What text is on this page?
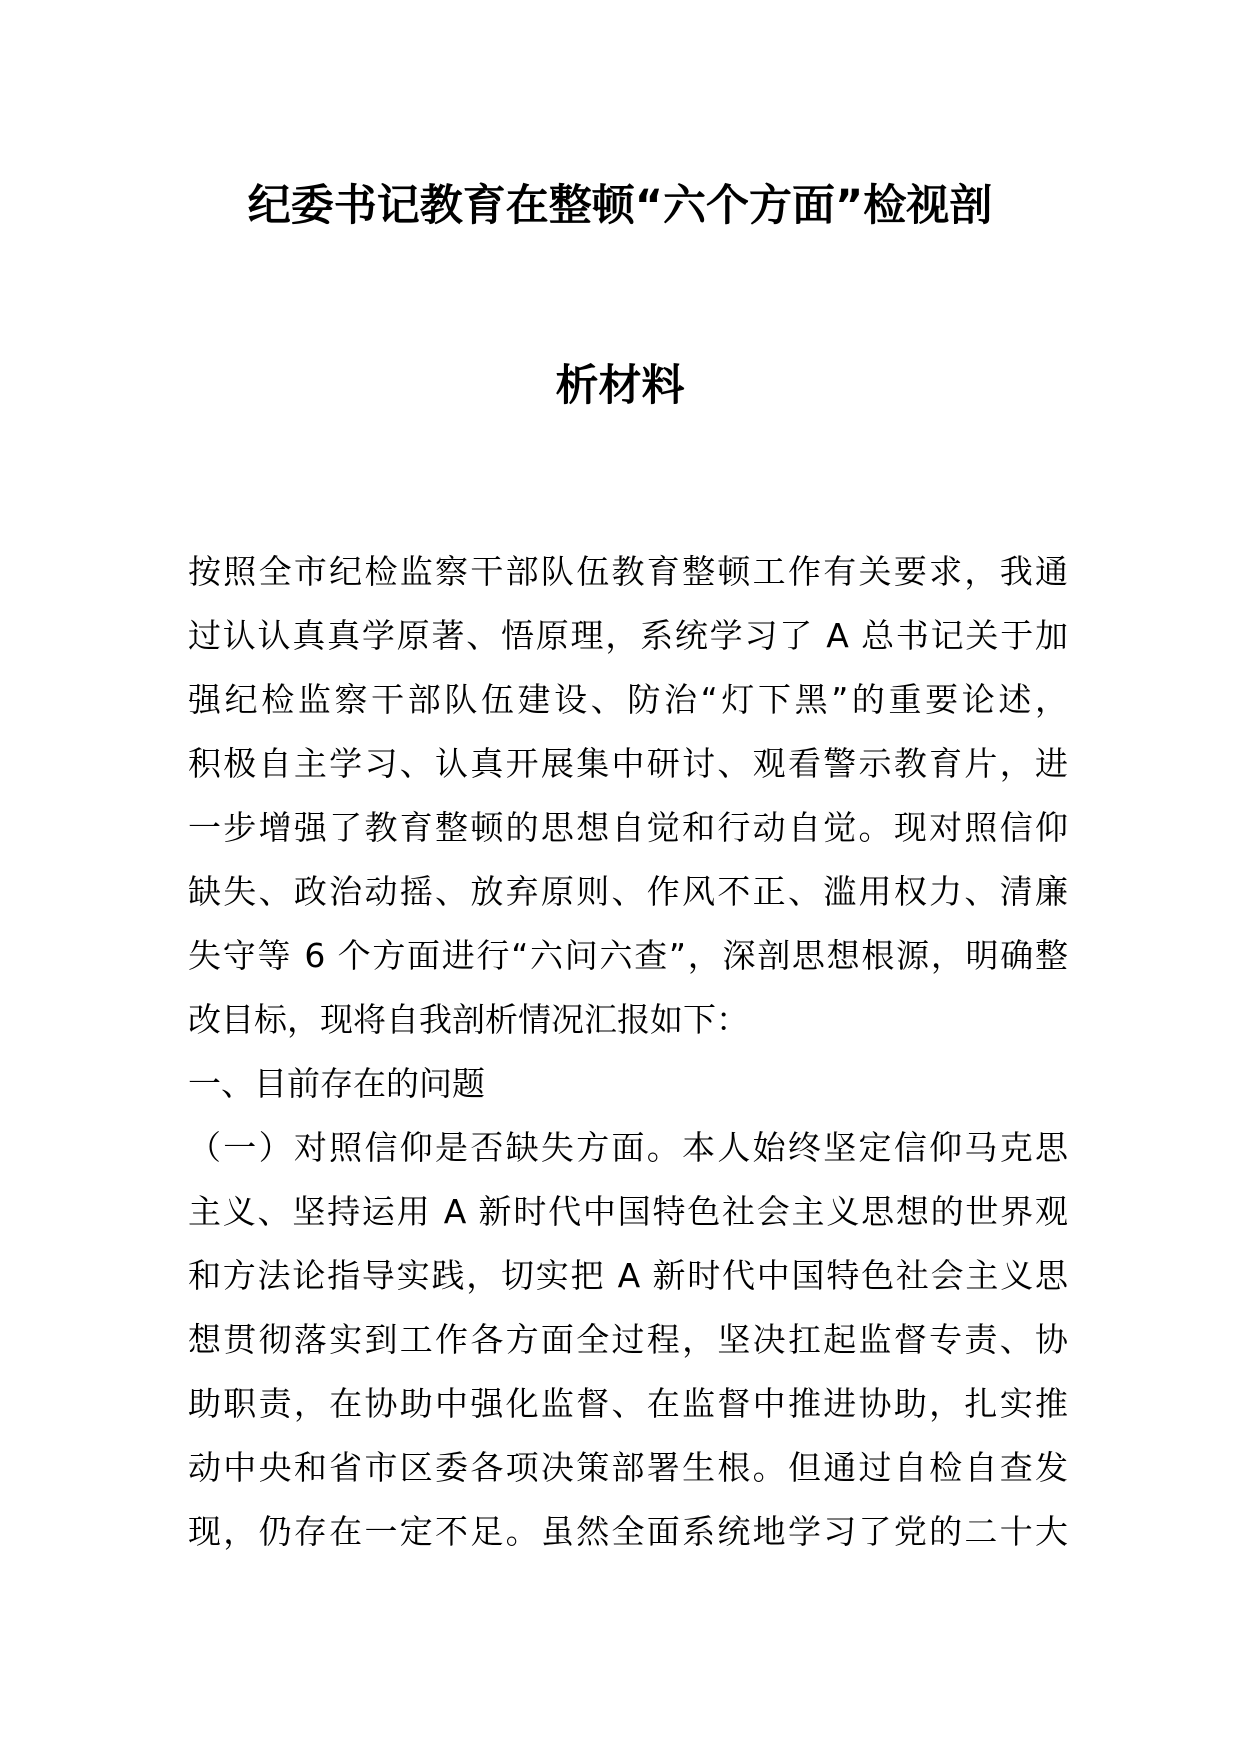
纪委书记教育在整顿“六个方面”检视剖
析材料
按照全市纪检监察干部队伍教育整顿工作有关要求，我通
过认认真真学原著、悟原理，系统学习了 A 总书记关于加
强纪检监察干部队伍建设、防治“灯下黑”的重要论述，
积极自主学习、认真开展集中研讨、观看警示教育片，进
一步增强了教育整顿的思想自觉和行动自觉。现对照信仰
缺失、政治动摇、放弃原则、作风不正、滥用权力、清廉
失守等 6 个方面进行“六问六查”，深剖思想根源，明确整
改目标，现将自我剖析情况汇报如下：
一、目前存在的问题
（一）对照信仰是否缺失方面。本人始终坚定信仰马克思
主义、坚持运用 A 新时代中国特色社会主义思想的世界观
和方法论指导实践，切实把 A 新时代中国特色社会主义思
想贯彻落实到工作各方面全过程，坚决扛起监督专责、协
助职责，在协助中强化监督、在监督中推进协助，扎实推
动中央和省市区委各项决策部署生根。但通过自检自查发
现，仍存在一定不足。虽然全面系统地学习了党的二十大
